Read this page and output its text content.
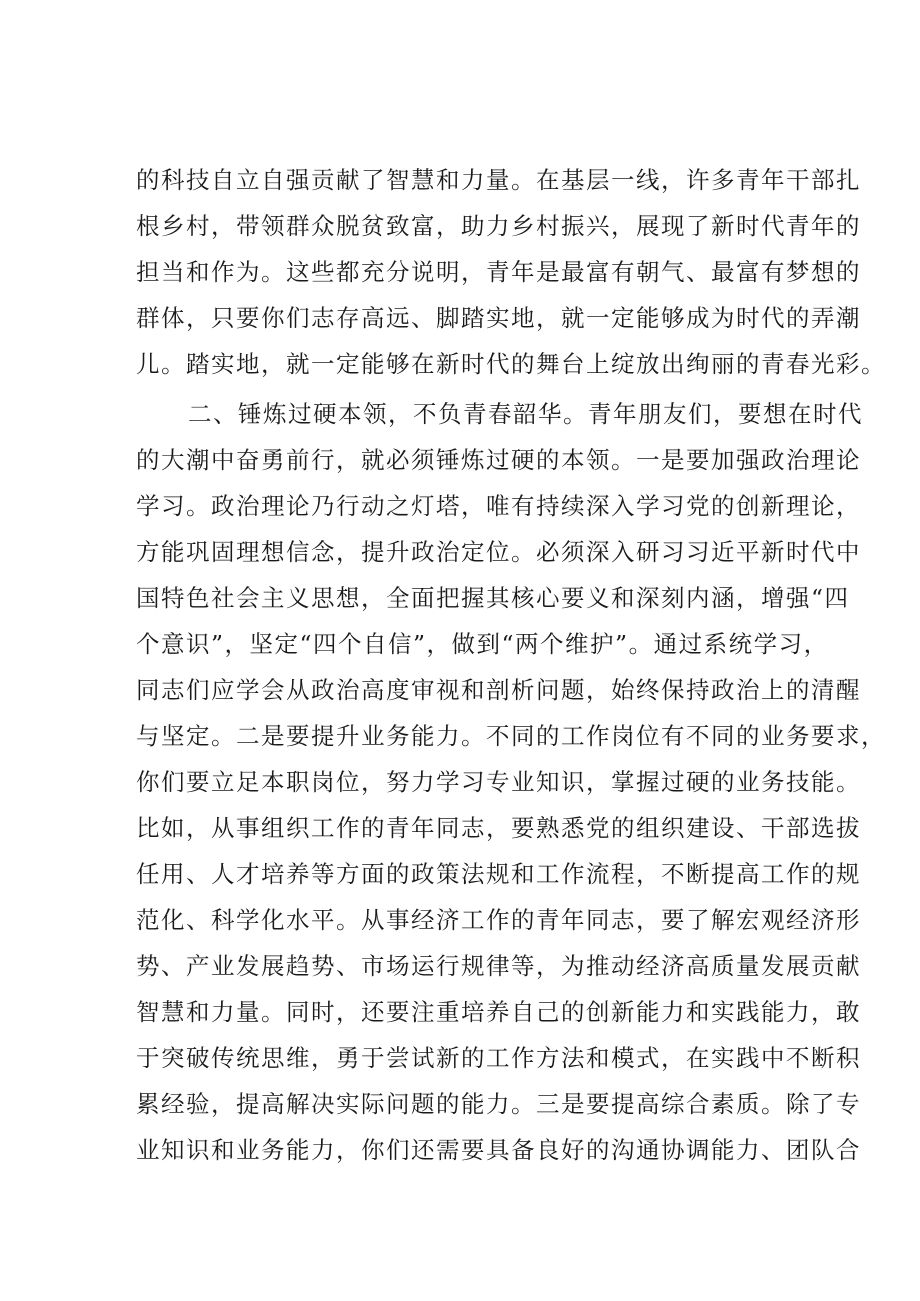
的科技自立自强贡献了智慧和力量。在基层一线，许多青年干部扎
根乡村，带领群众脱贫致富，助力乡村振兴，展现了新时代青年的
担当和作为。这些都充分说明，青年是最富有朝气、最富有梦想的
群体，只要你们志存高远、脚踏实地，就一定能够成为时代的弄潮
儿。踏实地，就一定能够在新时代的舞台上绽放出绚丽的青春光彩。
二、锤炼过硬本领，不负青春韶华。青年朋友们，要想在时代
的大潮中奋勇前行，就必须锤炼过硬的本领。一是要加强政治理论
学习。政治理论乃行动之灯塔，唯有持续深入学习党的创新理论，
方能巩固理想信念，提升政治定位。必须深入研习习近平新时代中
国特色社会主义思想，全面把握其核心要义和深刻内涵，增强“四
个意识”，坚定“四个自信”，做到“两个维护”。通过系统学习，
同志们应学会从政治高度审视和剖析问题，始终保持政治上的清醒
与坚定。二是要提升业务能力。不同的工作岗位有不同的业务要求，
你们要立足本职岗位，努力学习专业知识，掌握过硬的业务技能。
比如，从事组织工作的青年同志，要熟悉党的组织建设、干部选拔
任用、人才培养等方面的政策法规和工作流程，不断提高工作的规
范化、科学化水平。从事经济工作的青年同志，要了解宏观经济形
势、产业发展趋势、市场运行规律等，为推动经济高质量发展贡献
智慧和力量。同时，还要注重培养自己的创新能力和实践能力，敢
于突破传统思维，勇于尝试新的工作方法和模式，在实践中不断积
累经验，提高解决实际问题的能力。三是要提高综合素质。除了专
业知识和业务能力，你们还需要具备良好的沟通协调能力、团队合
